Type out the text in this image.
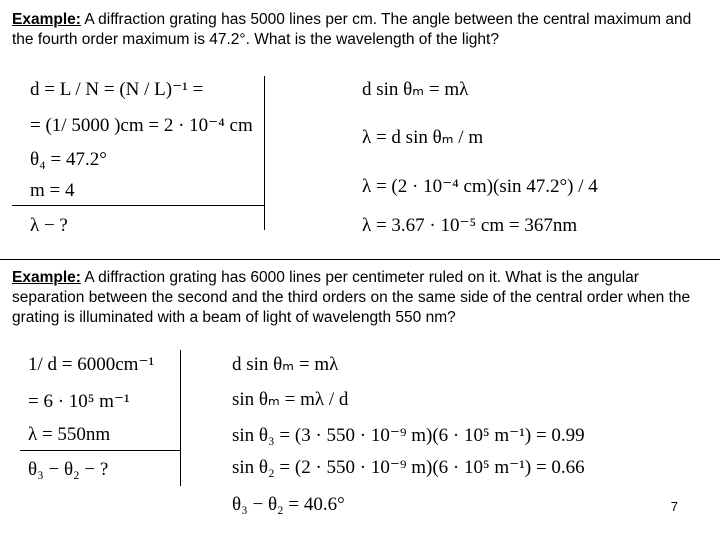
Example: A diffraction grating has 5000 lines per cm. The angle between the central maximum and the fourth order maximum is 47.2°. What is the wavelength of the light?
d = L / N = (N / L)⁻¹ =
= (1/ 5000 )cm = 2 · 10⁻⁴ cm
θ₄ = 47.2°
m = 4
λ − ?
d sin θₘ = mλ
λ = d sin θₘ / m
λ = (2 · 10⁻⁴ cm)(sin 47.2°) / 4
λ = 3.67 · 10⁻⁵ cm = 367nm
Example: A diffraction grating has 6000 lines per centimeter ruled on it. What is the angular separation between the second and the third orders on the same side of the central order when the grating is illuminated with a beam of light of wavelength 550 nm?
1/ d = 6000cm⁻¹
= 6 · 10⁵ m⁻¹
λ = 550nm
θ₃ − θ₂ − ?
d sin θₘ = mλ
sin θₘ = mλ / d
sin θ₃ = (3 · 550 · 10⁻⁹ m)(6 · 10⁵ m⁻¹) = 0.99
sin θ₂ = (2 · 550 · 10⁻⁹ m)(6 · 10⁵ m⁻¹) = 0.66
θ₃ − θ₂ = 40.6°	7
